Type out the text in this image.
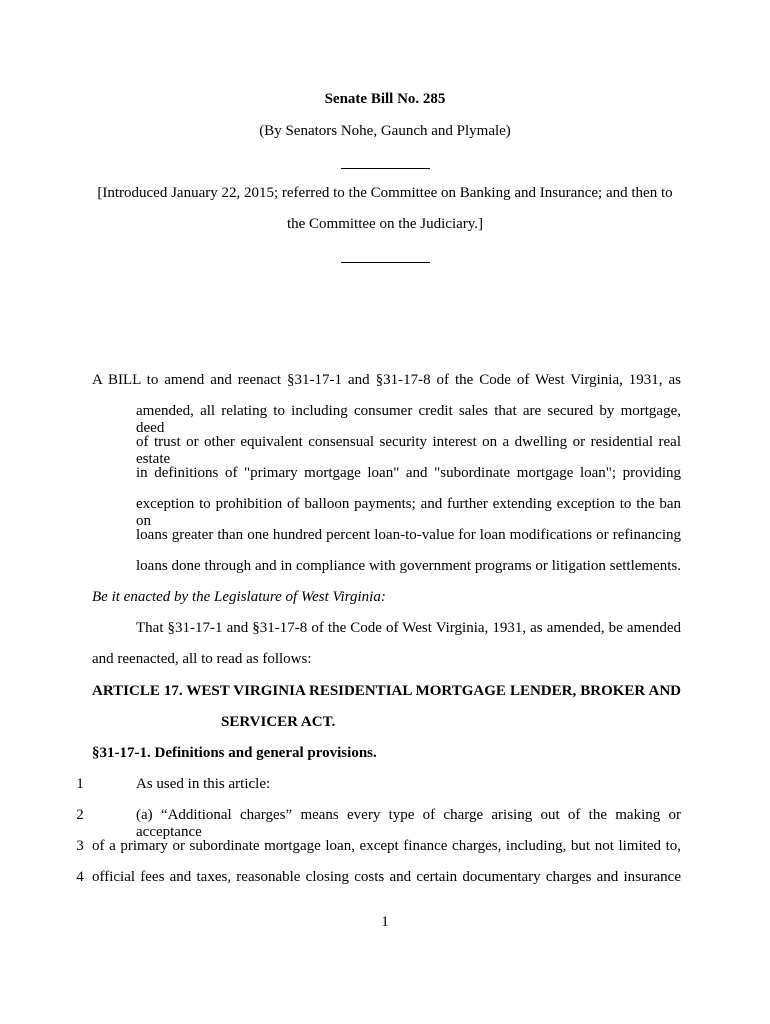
Senate Bill No. 285
(By Senators Nohe, Gaunch and Plymale)
[Introduced January 22, 2015; referred to the Committee on Banking and Insurance; and then to
the Committee on the Judiciary.]
A BILL to amend and reenact §31-17-1 and §31-17-8 of the Code of West Virginia, 1931, as
amended, all relating to including consumer credit sales that are secured by mortgage, deed
of trust or other equivalent consensual security interest on a dwelling or residential real estate
in definitions of "primary mortgage loan" and "subordinate mortgage loan"; providing
exception to prohibition of balloon payments; and further extending exception to the ban on
loans greater than one hundred percent loan-to-value for loan modifications or refinancing
loans done through and in compliance with government programs or litigation settlements.
Be it enacted by the Legislature of West Virginia:
That §31-17-1 and §31-17-8 of the Code of West Virginia, 1931, as amended, be amended
and reenacted, all to read as follows:
ARTICLE 17. WEST VIRGINIA RESIDENTIAL MORTGAGE LENDER, BROKER AND
SERVICER ACT.
§31-17-1. Definitions and general provisions.
1	As used in this article:
2	(a) “Additional charges” means every type of charge arising out of the making or acceptance
3 of a primary or subordinate mortgage loan, except finance charges, including, but not limited to,
4 official fees and taxes, reasonable closing costs and certain documentary charges and insurance
1
